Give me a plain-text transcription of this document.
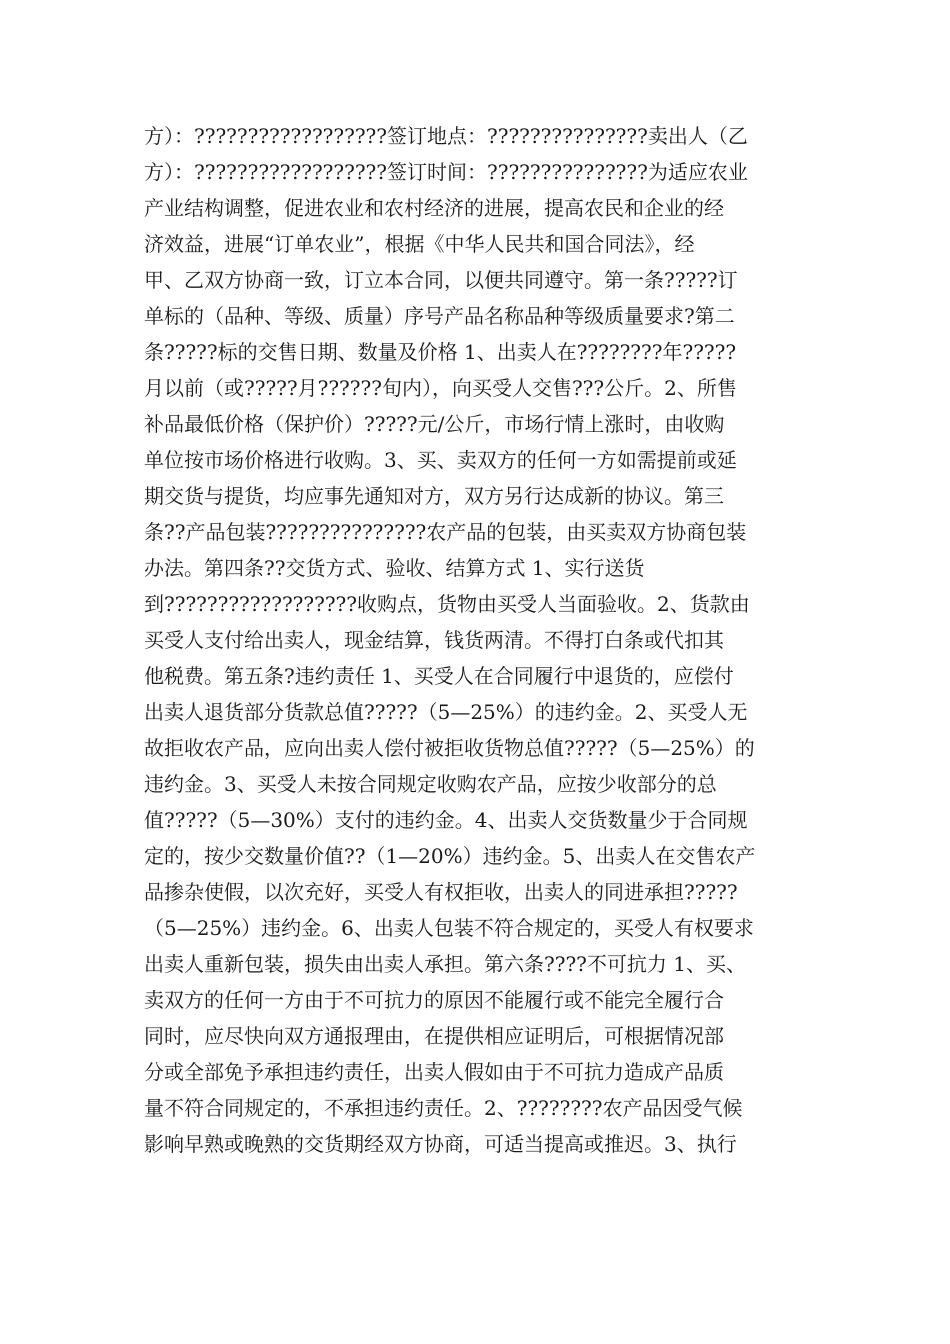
方）：??????????????????签订地点：???????????????卖出人（乙
方）：??????????????????签订时间：???????????????为适应农业
产业结构调整，促进农业和农村经济的进展，提高农民和企业的经
济效益，进展“订单农业”，根据《中华人民共和国合同法》，经
甲、乙双方协商一致，订立本合同，以便共同遵守。第一条?????订
单标的（品种、等级、质量）序号产品名称品种等级质量要求?第二
条?????标的交售日期、数量及价格 1、出卖人在????????年?????
月以前（或?????月??????旬内），向买受人交售???公斤。2、所售
补品最低价格（保护价）?????元/公斤，市场行情上涨时，由收购
单位按市场价格进行收购。3、买、卖双方的任何一方如需提前或延
期交货与提货，均应事先通知对方，双方另行达成新的协议。第三
条??产品包装???????????????农产品的包装，由买卖双方协商包装
办法。第四条??交货方式、验收、结算方式 1、实行送货
到??????????????????收购点，货物由买受人当面验收。2、货款由
买受人支付给出卖人，现金结算，钱货两清。不得打白条或代扣其
他税费。第五条?违约责任 1、买受人在合同履行中退货的，应偿付
出卖人退货部分货款总值?????（5—25%）的违约金。2、买受人无
故拒收农产品，应向出卖人偿付被拒收货物总值?????（5—25%）的
违约金。3、买受人未按合同规定收购农产品，应按少收部分的总
值?????（5—30%）支付的违约金。4、出卖人交货数量少于合同规
定的，按少交数量价值??（1—20%）违约金。5、出卖人在交售农产
品掺杂使假，以次充好，买受人有权拒收，出卖人的同进承担?????
（5—25%）违约金。6、出卖人包装不符合规定的，买受人有权要求
出卖人重新包装，损失由出卖人承担。第六条????不可抗力 1、买、
卖双方的任何一方由于不可抗力的原因不能履行或不能完全履行合
同时，应尽快向双方通报理由，在提供相应证明后，可根据情况部
分或全部免予承担违约责任，出卖人假如由于不可抗力造成产品质
量不符合同规定的，不承担违约责任。2、????????农产品因受气候
影响早熟或晚熟的交货期经双方协商，可适当提高或推迟。3、执行
